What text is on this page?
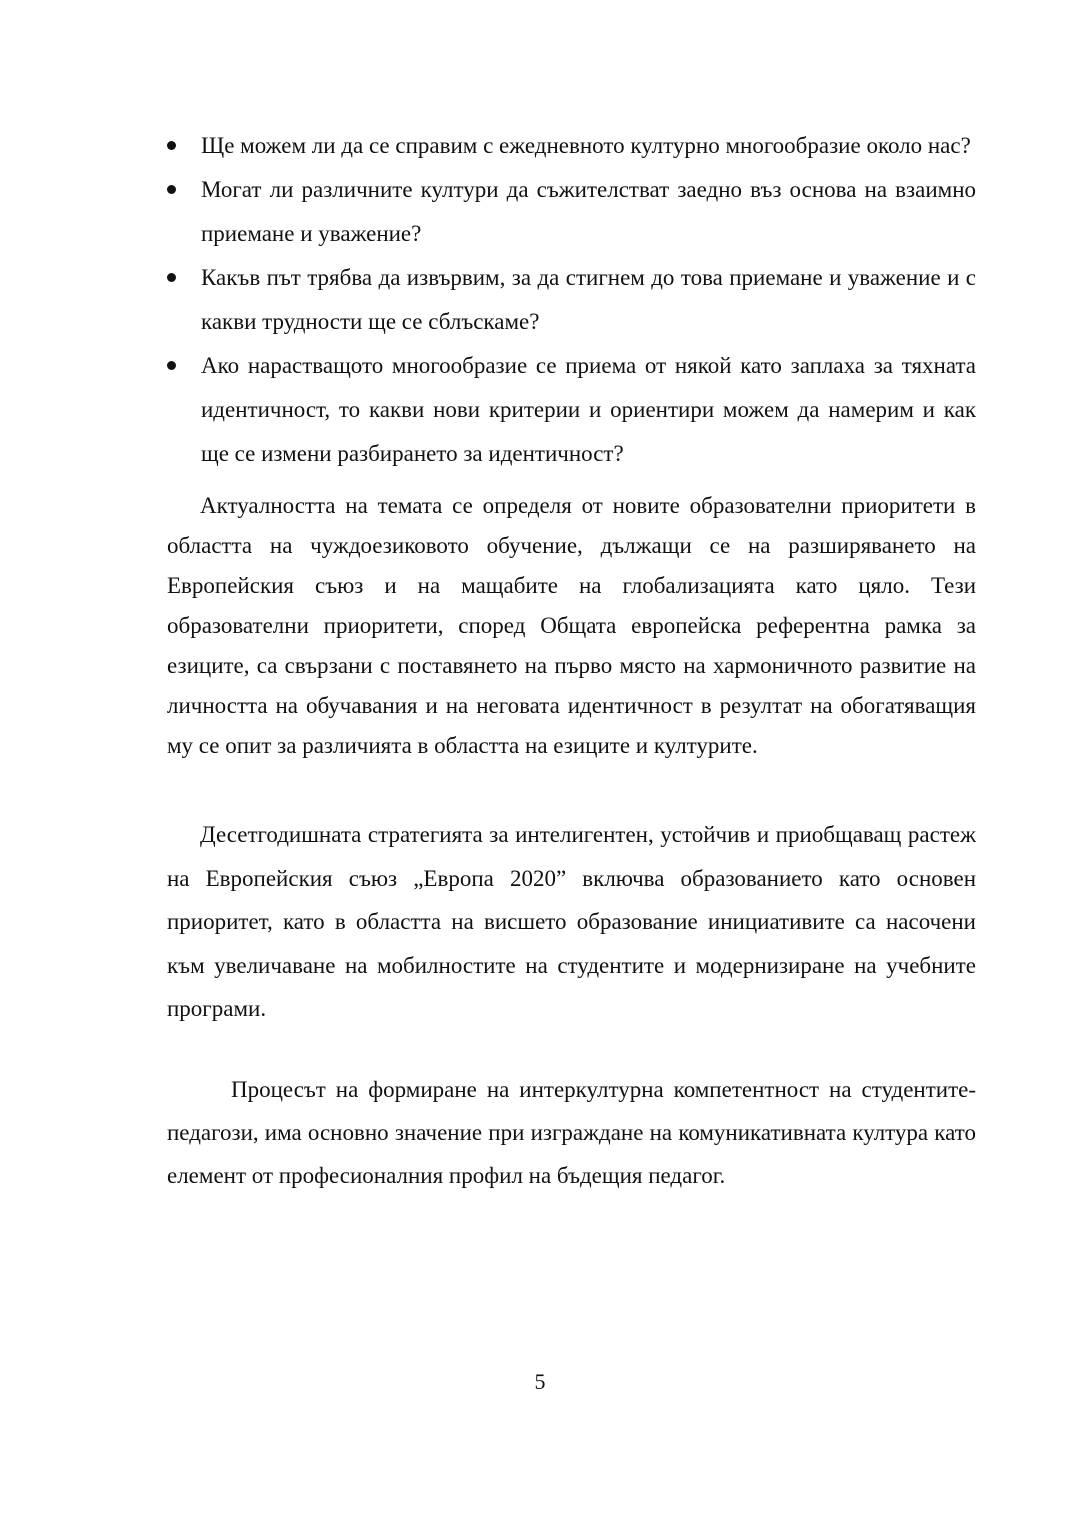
Ще можем ли да се справим с ежедневното културно многообразие около нас?
Могат ли различните култури да съжителстват заедно въз основа на взаимно приемане и уважение?
Какъв път трябва да извървим, за да стигнем до това приемане и уважение и с какви трудности ще се сблъскаме?
Ако нарастващото многообразие се приема от някой като заплаха за тяхната идентичност, то какви нови критерии и ориентири можем да намерим и как ще се измени разбирането за идентичност?

Актуалността на темата се определя от новите образователни приоритети в областта на чуждоезиковото обучение, дължащи се на разширяването на Европейския съюз и на мащабите на глобализацията като цяло. Тези образователни приоритети, според Общата европейска референтна рамка за езиците, са свързани с поставянето на първо място на хармоничното развитие на личността на обучавания и на неговата идентичност в резултат на обогатяващия му се опит за различията в областта на езиците и културите.

Десетгодишната стратегията за интелигентен, устойчив и приобщаващ растеж на Европейския съюз „Европа 2020” включва образованието като основен приоритет, като в областта на висшето образование инициативите са насочени към увеличаване на мобилностите на студентите и модернизиране на учебните програми.

Процесът на формиране на интеркултурна компетентност на студентите-педагози, има основно значение при изграждане на комуникативната култура като елемент от професионалния профил на бъдещия педагог.

5
